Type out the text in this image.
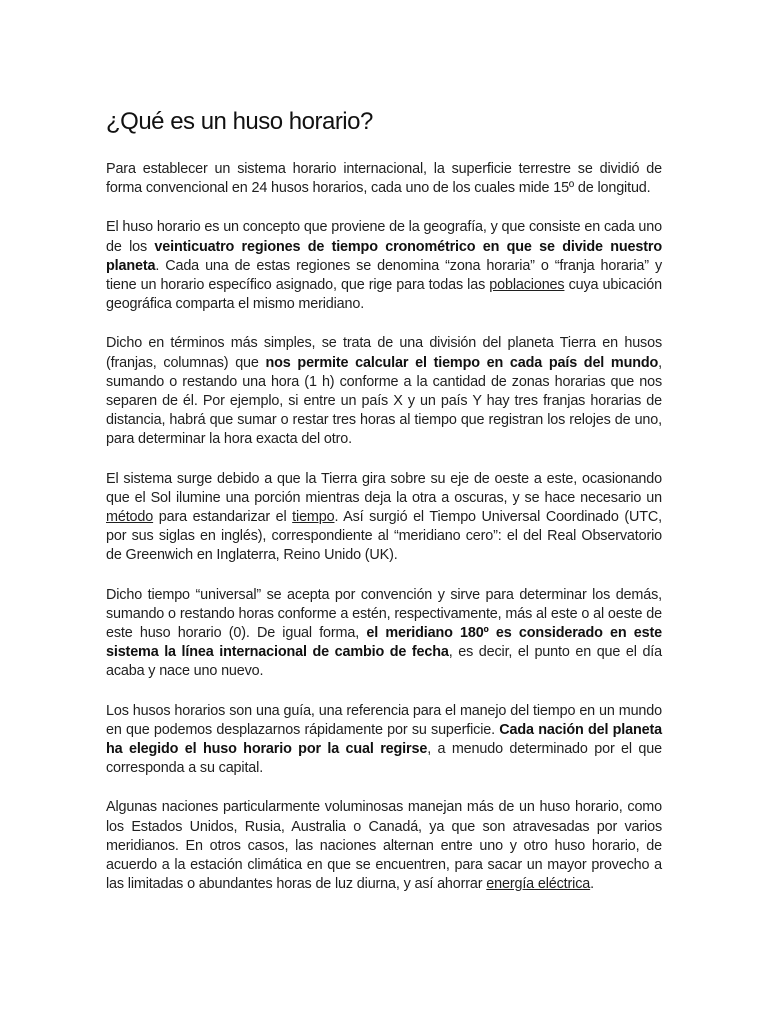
¿Qué es un huso horario?

Para establecer un sistema horario internacional, la superficie terrestre se dividió de forma convencional en 24 husos horarios, cada uno de los cuales mide 15º de longitud.

El huso horario es un concepto que proviene de la geografía, y que consiste en cada uno de los veinticuatro regiones de tiempo cronométrico en que se divide nuestro planeta. Cada una de estas regiones se denomina “zona horaria” o “franja horaria” y tiene un horario específico asignado, que rige para todas las poblaciones cuya ubicación geográfica comparta el mismo meridiano.

Dicho en términos más simples, se trata de una división del planeta Tierra en husos (franjas, columnas) que nos permite calcular el tiempo en cada país del mundo, sumando o restando una hora (1 h) conforme a la cantidad de zonas horarias que nos separen de él. Por ejemplo, si entre un país X y un país Y hay tres franjas horarias de distancia, habrá que sumar o restar tres horas al tiempo que registran los relojes de uno, para determinar la hora exacta del otro.

El sistema surge debido a que la Tierra gira sobre su eje de oeste a este, ocasionando que el Sol ilumine una porción mientras deja la otra a oscuras, y se hace necesario un método para estandarizar el tiempo. Así surgió el Tiempo Universal Coordinado (UTC, por sus siglas en inglés), correspondiente al “meridiano cero”: el del Real Observatorio de Greenwich en Inglaterra, Reino Unido (UK).

Dicho tiempo “universal” se acepta por convención y sirve para determinar los demás, sumando o restando horas conforme a estén, respectivamente, más al este o al oeste de este huso horario (0). De igual forma, el meridiano 180º es considerado en este sistema la línea internacional de cambio de fecha, es decir, el punto en que el día acaba y nace uno nuevo.

Los husos horarios son una guía, una referencia para el manejo del tiempo en un mundo en que podemos desplazarnos rápidamente por su superficie. Cada nación del planeta ha elegido el huso horario por la cual regirse, a menudo determinado por el que corresponda a su capital.

Algunas naciones particularmente voluminosas manejan más de un huso horario, como los Estados Unidos, Rusia, Australia o Canadá, ya que son atravesadas por varios meridianos. En otros casos, las naciones alternan entre uno y otro huso horario, de acuerdo a la estación climática en que se encuentren, para sacar un mayor provecho a las limitadas o abundantes horas de luz diurna, y así ahorrar energía eléctrica.
